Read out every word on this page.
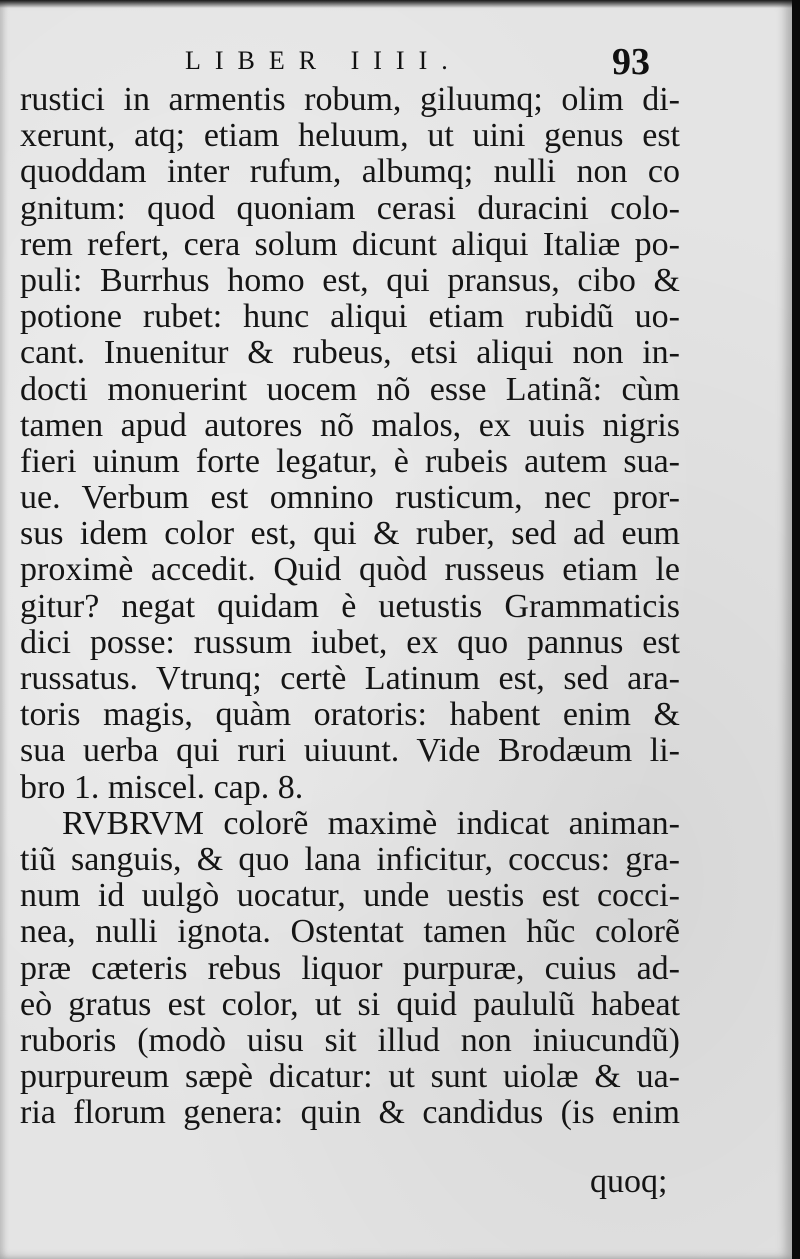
LIBER IIII.	93
rustici in armentis robum, giluumq; olim di-
xerunt, atq; etiam heluum, ut uini genus est
quoddam inter rufum, albumq; nulli non co
gnitum: quod quoniam cerasi duracini colo-
rem refert, cera solum dicunt aliqui Italiæ po-
puli: Burrhus homo est, qui pransus, cibo &
potione rubet: hunc aliqui etiam rubidũ uo-
cant. Inuenitur & rubeus, etsi aliqui non in-
docti monuerint uocem nõ esse Latinã: cùm
tamen apud autores nõ malos, ex uuis nigris
fieri uinum forte legatur, è rubeis autem sua-
ue. Verbum est omnino rusticum, nec pror-
sus idem color est, qui & ruber, sed ad eum
proximè accedit. Quid quòd russeus etiam le
gitur? negat quidam è uetustis Grammaticis
dici posse: russum iubet, ex quo pannus est
russatus. Vtrunq; certè Latinum est, sed ara-
toris magis, quàm oratoris: habent enim &
sua uerba qui ruri uiuunt. Vide Brodæum li-
bro 1. miscel. cap. 8.
RVBRVM colorẽ maximè indicat animan-
tiũ sanguis, & quo lana inficitur, coccus: gra-
num id uulgò uocatur, unde uestis est cocci-
nea, nulli ignota. Ostentat tamen hũc colorẽ
præ cæteris rebus liquor purpuræ, cuius ad-
eò gratus est color, ut si quid paululũ habeat
ruboris (modò uisu sit illud non iniucundũ)
purpureum sæpè dicatur: ut sunt uiolæ & ua-
ria florum genera: quin & candidus (is enim
quoq;
